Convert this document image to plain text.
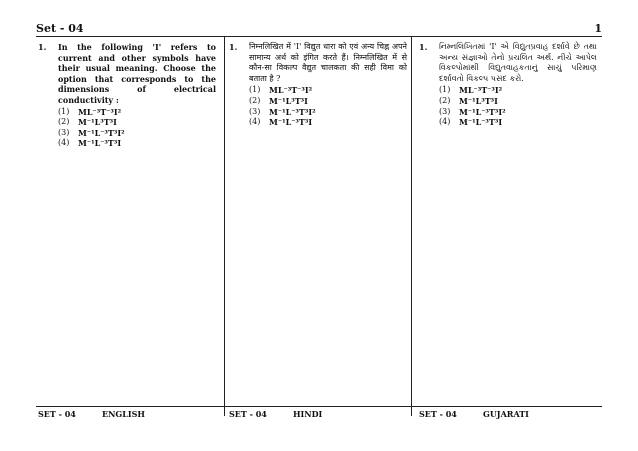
Set - 04	1
1.	In the following 'I' refers to current and other symbols have their usual meaning. Choose the option that corresponds to the dimensions of electrical conductivity :
(1)	ML⁻³T⁻³I²
(2)	M⁻¹L³T³I
(3)	M⁻¹L⁻³T³I²
(4)	M⁻¹L⁻³T³I
1.	निम्नलिखित में 'I' विद्युत धारा को एवं अन्य चिह्न अपने सामान्य अर्थ को इंगित करते हैं। निम्नलिखित में से कौन-सा विकल्प वैद्युत चालकता की सही विमा को बताता है ?
(1)	ML⁻³T⁻³I²
(2)	M⁻¹L³T³I
(3)	M⁻¹L⁻³T³I²
(4)	M⁻¹L⁻³T³I
1.	નિમ્નલિખિતમાં 'I' એ વિદ્યુતપ્રવાહ દર્શાવે છે તથા અન્ય સંજ્ઞાઓ તેનો પ્રચલિત અર્થ. નીચે આપેલ વિકલ્પોમાંથી વિદ્યુતવાહકતાનું સાચું પરિમાણ દર્શાવતો વિકલ્પ પસંદ કરો.
(1)	ML⁻³T⁻³I²
(2)	M⁻¹L³T³I
(3)	M⁻¹L⁻³T³I²
(4)	M⁻¹L⁻³T³I
SET - 04	ENGLISH	SET - 04	HINDI	SET - 04	GUJARATI
